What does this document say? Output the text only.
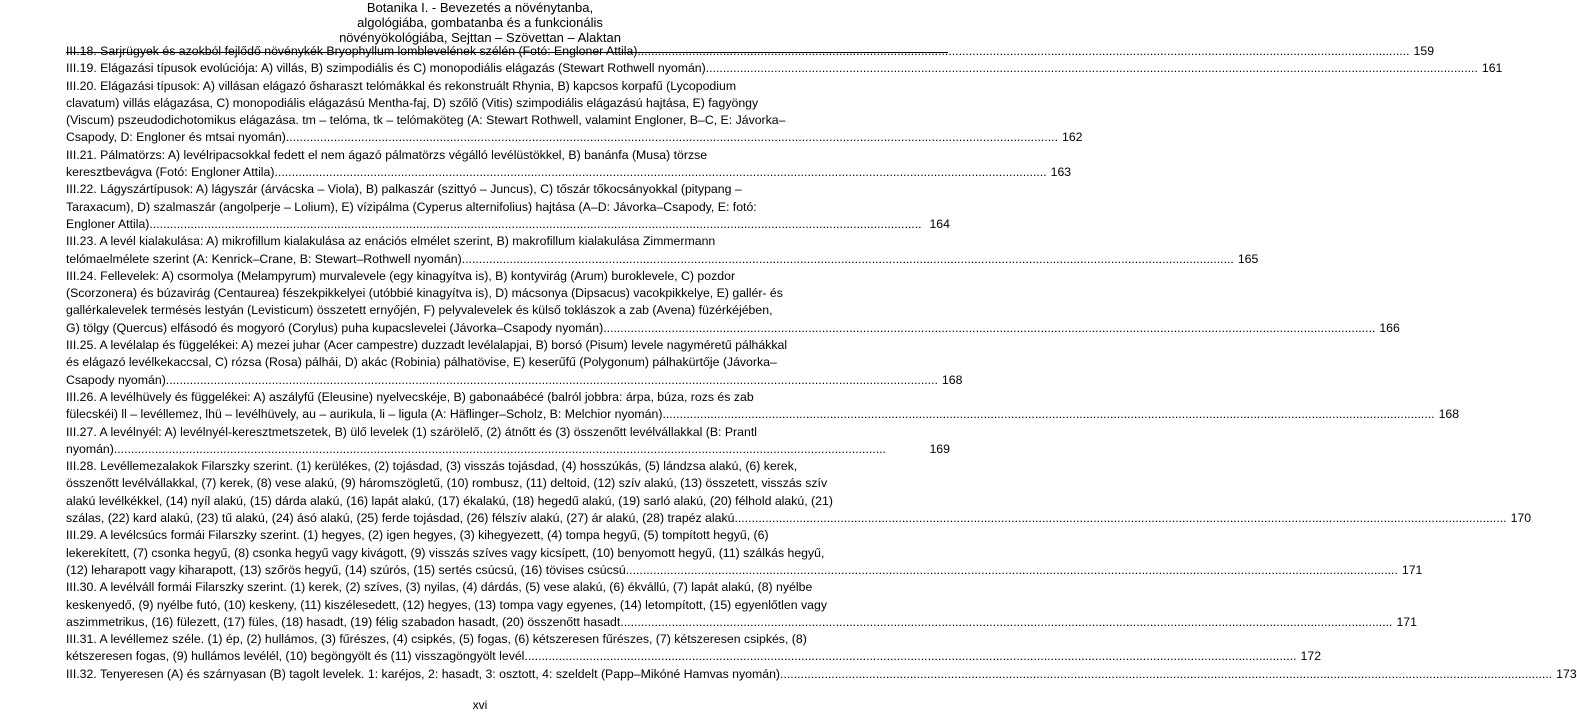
Botanika I. - Bevezetés a növénytanba,
algológiába, gombatanba és a funkcionális
növényökológiába, Sejttan – Szövettan – Alaktan
III.18. Sarjrügyek és azokból fejlődő növénykék Bryophyllum lomblevelének szélén (Fotó: Engloner Attila) .....	159
III.19. Elágazási típusok evolúciója: A) villás, B) szimpodiális és C) monopodiális elágazás (Stewart Rothwell nyomán) .....	161
III.20. Elágazási típusok: A) villásan elágazó ősharaszt telómákkal és rekonstruált Rhynia, B) kapcsos korpafű (Lycopodium
clavatum) villás elágazása, C) monopodiális elágazású Mentha-faj, D) szőlő (Vitis) szimpodiális elágazású hajtása, E) fagyöngy
(Viscum) pszeudodichotomikus elágazása. tm – telóma, tk – telómaköteg (A: Stewart Rothwell, valamint Engloner, B–C, E: Jávorka–
Csapody, D: Engloner és mtsai nyomán) .....	162
III.21. Pálmatörzs: A) levélripacsokkal fedett el nem ágazó pálmatörzs végálló levélüstökkel, B) banánfa (Musa) törzse
keresztbevágva (Fotó: Engloner Attila) .....	163
III.22. Lágyszártípusok: A) lágyszár (árvácska – Viola), B) palkaszár (szittyó – Juncus), C) tőszár tőkocsányokkal (pitypang –
Taraxacum), D) szalmaszár (angolperje – Lolium), E) vízipálma (Cyperus alternifolius) hajtása (A–D: Jávorka–Csapody, E: fotó:
Engloner Attila) .....	164
III.23. A levél kialakulása: A) mikrofillum kialakulása az enációs elmélet szerint, B) makrofillum kialakulása Zimmermann
telómaelmélete szerint (A: Kenrick–Crane, B: Stewart–Rothwell nyomán) .....	165
III.24. Fellevelek: A) csormolya (Melampyrum) murvalevele (egy kinagyítva is), B) kontyvirág (Arum) buroklevele, C) pozdor
(Scorzonera) és búzavirág (Centaurea) fészekpikkelyei (utóbbié kinagyítva is), D) mácsonya (Dipsacus) vacokpikkelye, E) gallér- és
gallérkalevelek termésės lestyán (Levisticum) összetett ernyőjén, F) pelyvalevelek és külső toklászok a zab (Avena) füzérkéjében,
G) tölgy (Quercus) elfásodó és mogyoró (Corylus) puha kupacslevelei (Jávorka–Csapody nyomán) .....	166
III.25. A levélalap és függelékei: A) mezei juhar (Acer campestre) duzzadt levélalapjai, B) borsó (Pisum) levele nagyméretű pálhákkal
és elágazó levélkekaccsal, C) rózsa (Rosa) pálhái, D) akác (Robinia) pálhatövise, E) keserűfű (Polygonum) pálhakürtője (Jávorka–
Csapody nyomán) .....	168
III.26. A levélhüvely és függelékei: A) aszályfű (Eleusine) nyelvecskéje, B) gabonaábécé (balról jobbra: árpa, búza, rozs és zab
fülecskéi) ll – levéllemez, lhü – levélhüvely, au – aurikula, li – ligula (A: Häflinger–Scholz, B: Melchior nyomán) .....	168
III.27. A levélnyél: A) levélnyél-keresztmetszetek, B) ülő levelek (1) szárölelő, (2) átnőtt és (3) összenőtt levélvállakkal (B: Prantl
nyomán) .....	169
III.28. Levéllemezalakok Filarszky szerint. (1) kerülékes, (2) tojásdad, (3) visszás tojásdad, (4) hosszúkás, (5) lándzsa alakú, (6) kerek,
összenőtt levélvállakkal, (7) kerek, (8) vese alakú, (9) háromszögletű, (10) rombusz, (11) deltoid, (12) szív alakú, (13) összetett, visszás szív
alakú levélkékkel, (14) nyíl alakú, (15) dárda alakú, (16) lapát alakú, (17) ékalakú, (18) hegedű alakú, (19) sarló alakú, (20) félhold alakú, (21)
szálas, (22) kard alakú, (23) tű alakú, (24) ásó alakú, (25) ferde tojásdad, (26) félszív alakú, (27) ár alakú, (28) trapéz alakú .....	170
III.29. A levélcsúcs formái Filarszky szerint. (1) hegyes, (2) igen hegyes, (3) kihegyezett, (4) tompa hegyű, (5) tompított hegyű, (6)
lekerekített, (7) csonka hegyű, (8) csonka hegyű vagy kivágott, (9) visszás szíves vagy kicsípett, (10) benyomott hegyű, (11) szálkás hegyű,
(12) leharapott vagy kiharapott, (13) szőrös hegyű, (14) szúrós, (15) sertés csúcsú, (16) tövises csúcsú .....	171
III.30. A levélváll formái Filarszky szerint. (1) kerek, (2) szíves, (3) nyilas, (4) dárdás, (5) vese alakú, (6) ékvállú, (7) lapát alakú, (8) nyélbe
keskenyedő, (9) nyélbe futó, (10) keskeny, (11) kiszélesedett, (12) hegyes, (13) tompa vagy egyenes, (14) letompított, (15) egyenlőtlen vagy
aszimmetrikus, (16) fülezett, (17) füles, (18) hasadt, (19) félig szabadon hasadt, (20) összenőtt hasadt .....	171
III.31. A levéllemez széle. (1) ép, (2) hullámos, (3) fűrészes, (4) csipkés, (5) fogas, (6) kétszeresen fűrészes, (7) kétszeresen csipkés, (8)
kétszeresen fogas, (9) hullámos levélél, (10) begöngyölt és (11) visszagöngyölt levél .....	172
III.32. Tenyeresen (A) és szárnyasan (B) tagolt levelek. 1: karéjos, 2: hasadt, 3: osztott, 4: szeldelt (Papp–Mikóné Hamvas nyomán) .....	173
xvi
